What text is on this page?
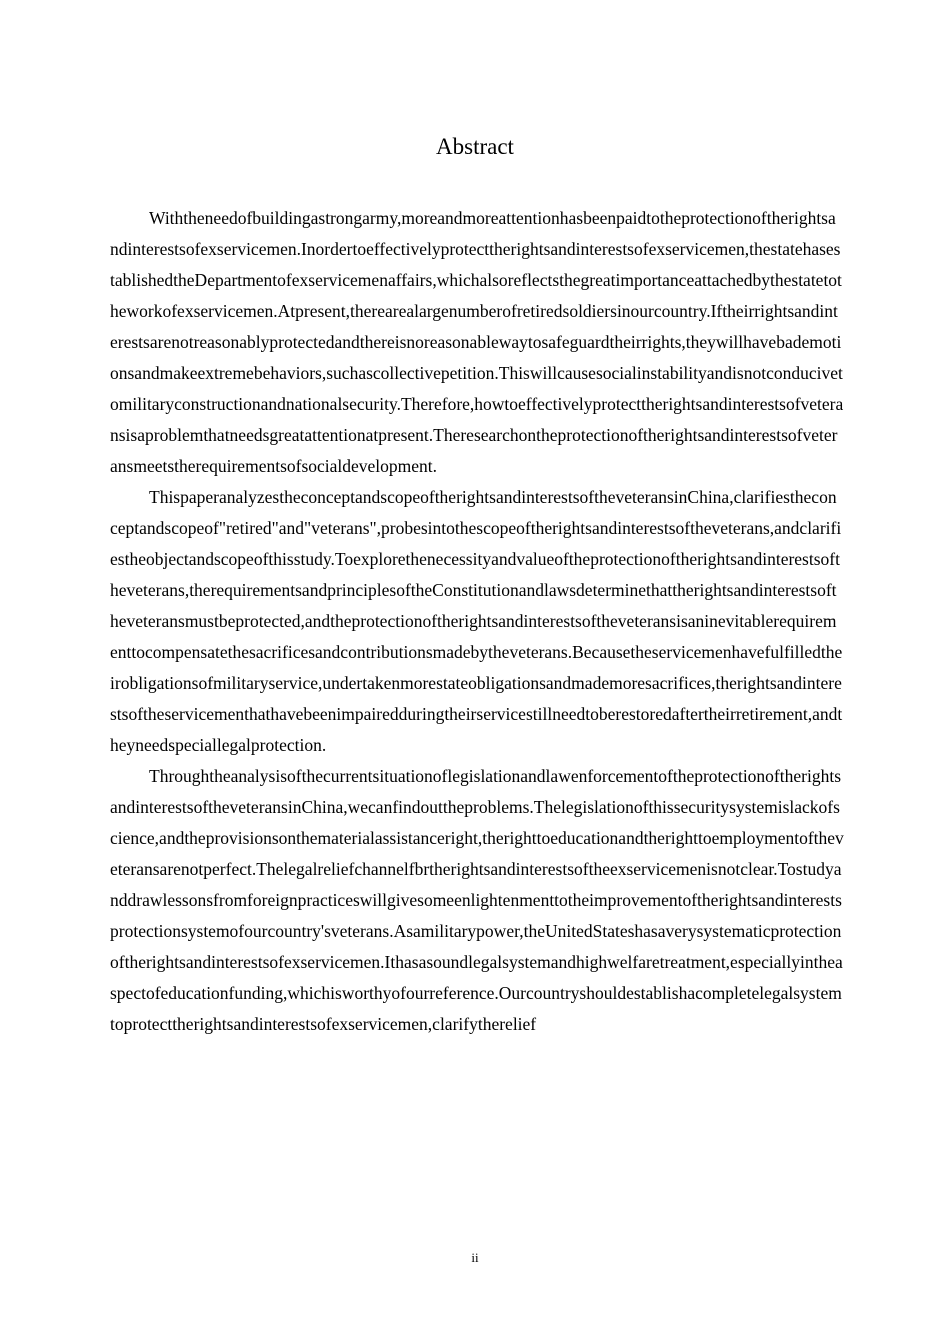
Abstract

Withtheneedofbuildingastrongarmy,moreandmoreattentionhasbeenpaidtotheprotectionoftherightsandinterestsofexservicemen.Inordertoeffectivelyprotecttherightsandinterestsofexservicemen,thestatehasestablishedtheDepartmentofexservicemenaffairs,whichalsoreflectsthegreatimportanceattachedbythestatetotheworkofexservicemen.Atpresent,therearealargenumberofretiredsoldiersinourcountry.Iftheirrightsandinterestsarenotreasonablyprotectedandthereisnoreasonablewaytosafeguardtheirrights,theywillhavebademotionsandmakeextremebehaviors,suchascollectivepetition.Thiswillcausesocialinstabilityandisnotconducivetomilitaryconstructionandnationalsecurity.Therefore,howtoeffectivelyprotecttherightsandinterestsofveteransisaproblemthatneedsgreatattentionatpresent.Theresearchontheprotectionoftherightsandinterestsofveteransmeetstherequirementsofsocialdevelopment.

ThispaperanalyzestheconceptandscopeoftherightsandinterestsoftheveteransinChina,clarifiestheconceptandscopeof"retired"and"veterans",probesintothescopeoftherightsandinterestsoftheveterans,andclarifiestheobjectandscopeofthisstudy.Toexplorethenecessityandvalueoftheprotectionoftherightsandinterestsoftheveterans,therequirementsandprinciplesoftheConstitutionandlawsdeterminethattherightsandinterestsoftheveteransmustbeprotected,andtheprotectionoftherightsandinterestsoftheveteransisaninevitablerequirementtocompensatethesacrificesandcontributionsmadebytheveterans.Becausetheservicemenhavefulfilledtheirobligationsofmilitaryservice,undertakenmorestateobligationsandmademoresacrifices,therightsandinterestsoftheservicementhathavebeenimpairedduringtheirservicestillneedtoberestoredaftertheirretirement,andtheyneedspeciallegalprotection.

ThroughtheanalysisofthecurrentsituationoflegislationandlawenforcementoftheprotectionoftherightsandinterestsoftheveteransinChina,wecanfindouttheproblems.Thelegislationofthissecuritysystemislackofscience,andtheprovisionsonthematerialassistanceright,therighttoeducationandtherighttoemploymentoftheveteransarenotperfect.Thelegalreliefchannelfbrtherightsandinterestsoftheexservicemenisnotclear.Tostudyanddrawlessonsfromforeignpracticeswillgivesomeenlightenmenttotheimprovementoftherightsandinterestsprotectionsystemofourcountry'sveterans.Asamilitarypower,theUnitedStateshasaverysystematicprotectionoftherightsandinterestsofexservicemen.Ithasasoundlegalsystemandhighwelfaretreatment,especiallyintheaspectofeducationfunding,whichisworthyofourreference.Ourcountryshouldestablishacompletelegalsystemtoprotecttherightsandinterestsofexservicemen,clarifytherelief

ii
